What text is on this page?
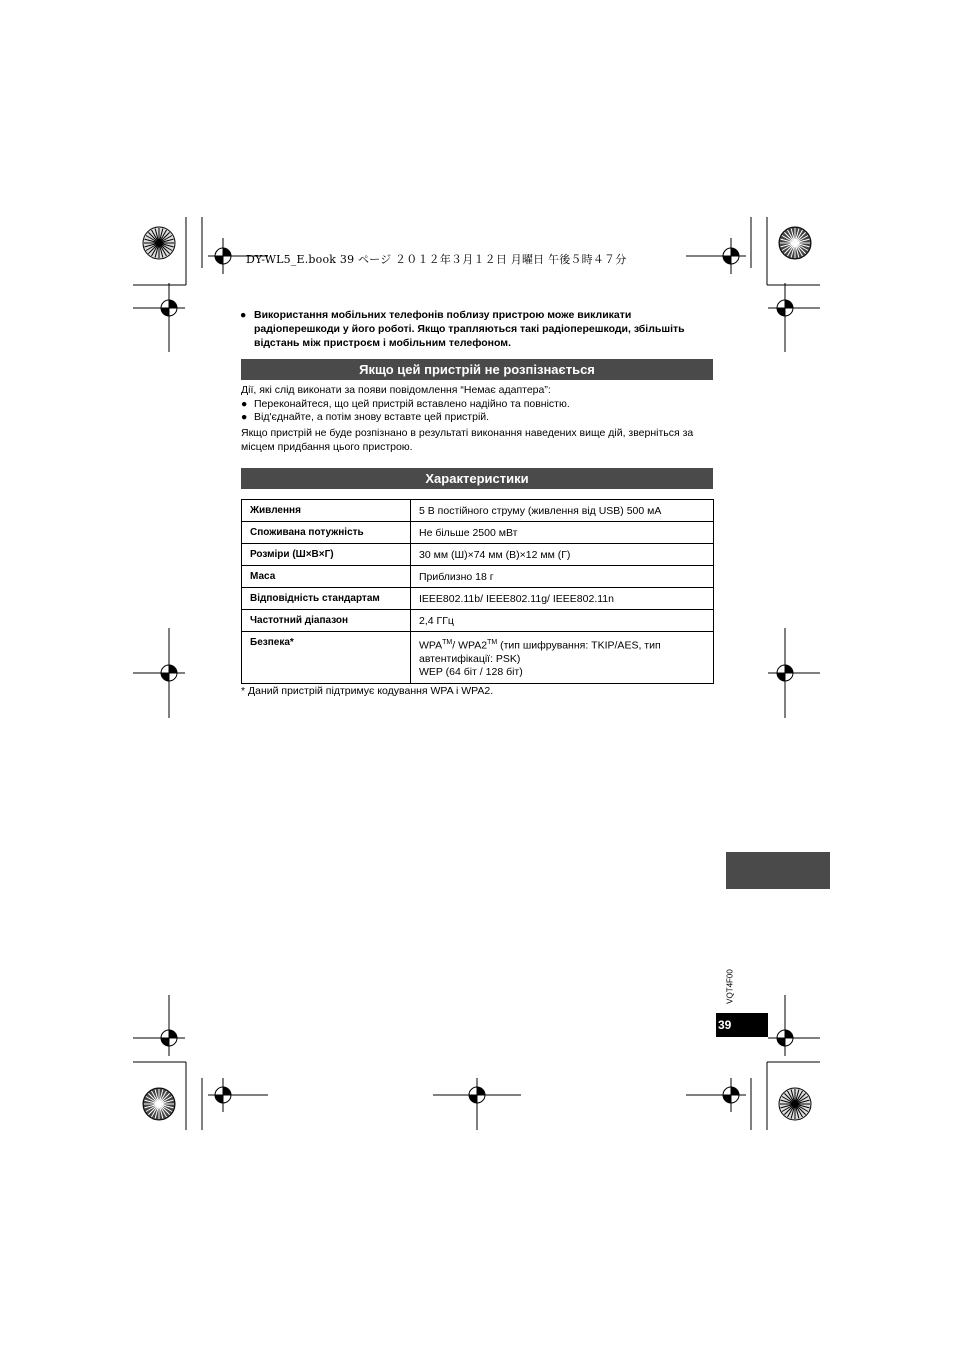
DY-WL5_E.book 39 ページ ２０１２年３月１２日 月曜日 午後５時４７分
● Використання мобільних телефонів поблизу пристрою може викликати радіоперешкоди у його роботі. Якщо трапляються такі радіоперешкоди, збільшіть відстань між пристроєм і мобільним телефоном.
Якщо цей пристрій не розпізнається
Дії, які слід виконати за появи повідомлення “Немає адаптера”:
● Переконайтеся, що цей пристрій вставлено надійно та повністю.
● Від'єднайте, а потім знову вставте цей пристрій.
Якщо пристрій не буде розпізнано в результаті виконання наведених вище дій, зверніться за місцем придбання цього пристрою.
Характеристики
Живлення	5 В постійного струму (живлення від USB) 500 мА
Споживана потужність	Не більше 2500 мВт
Розміри (Ш×В×Г)	30 мм (Ш)×74 мм (В)×12 мм (Г)
Маса	Приблизно 18 г
Відповідність стандартам	IEEE802.11b/ IEEE802.11g/ IEEE802.11n
Частотний діапазон	2,4 ГГц
Безпека*	WPA™/ WPA2™ (тип шифрування: TKIP/AES, тип
автентифікації: PSK)
WEP (64 біт / 128 біт)
* Даний пристрій підтримує кодування WPA і WPA2.
VQT4F00
39
